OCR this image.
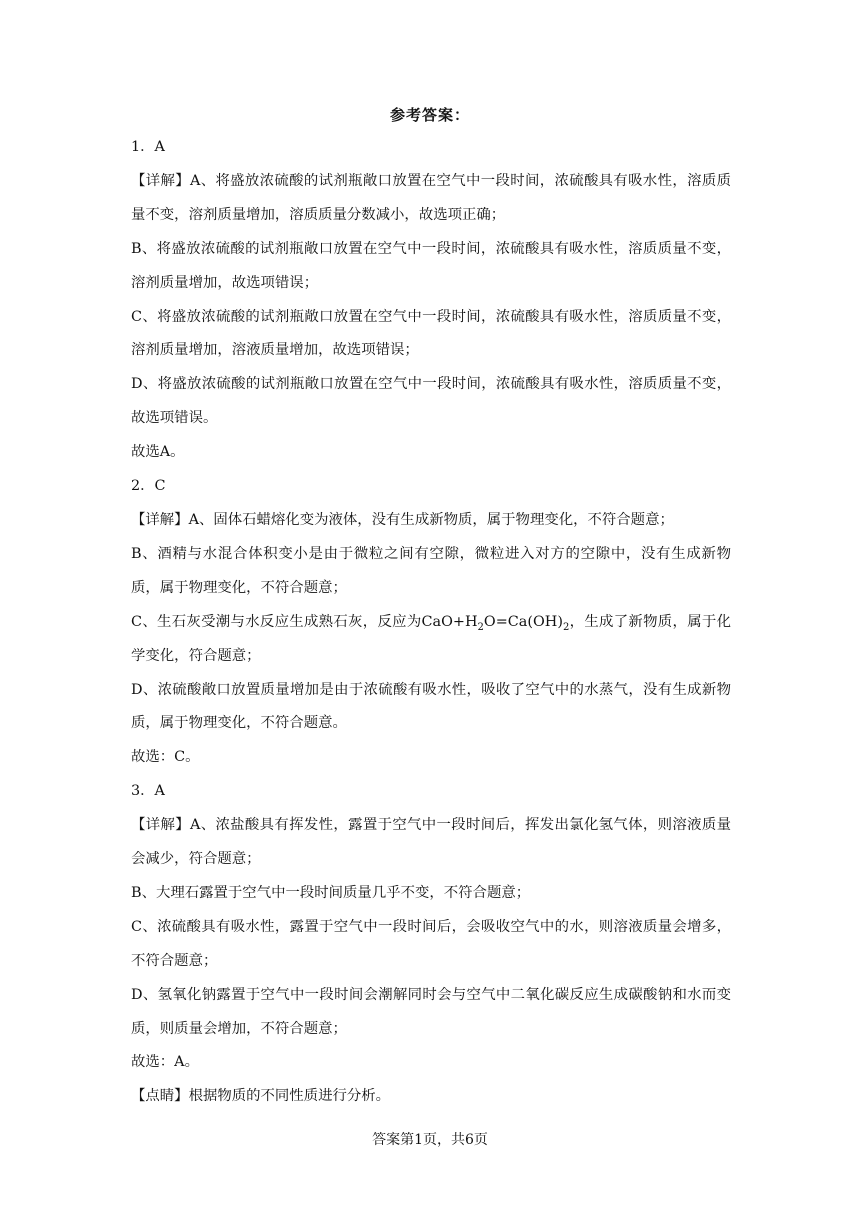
参考答案：
1．A
【详解】A、将盛放浓硫酸的试剂瓶敞口放置在空气中一段时间，浓硫酸具有吸水性，溶质质量不变，溶剂质量增加，溶质质量分数减小，故选项正确；
B、将盛放浓硫酸的试剂瓶敞口放置在空气中一段时间，浓硫酸具有吸水性，溶质质量不变，溶剂质量增加，故选项错误；
C、将盛放浓硫酸的试剂瓶敞口放置在空气中一段时间，浓硫酸具有吸水性，溶质质量不变，溶剂质量增加，溶液质量增加，故选项错误；
D、将盛放浓硫酸的试剂瓶敞口放置在空气中一段时间，浓硫酸具有吸水性，溶质质量不变，故选项错误。
故选A。
2．C
【详解】A、固体石蜡熔化变为液体，没有生成新物质，属于物理变化，不符合题意；
B、酒精与水混合体积变小是由于微粒之间有空隙，微粒进入对方的空隙中，没有生成新物质，属于物理变化，不符合题意；
C、生石灰受潮与水反应生成熟石灰，反应为$CaO+H_2O=Ca(OH)_2$，生成了新物质，属于化学变化，符合题意；
D、浓硫酸敞口放置质量增加是由于浓硫酸有吸水性，吸收了空气中的水蒸气，没有生成新物质，属于物理变化，不符合题意。
故选：C。
3．A
【详解】A、浓盐酸具有挥发性，露置于空气中一段时间后，挥发出氯化氢气体，则溶液质量会减少，符合题意；
B、大理石露置于空气中一段时间质量几乎不变，不符合题意；
C、浓硫酸具有吸水性，露置于空气中一段时间后，会吸收空气中的水，则溶液质量会增多，不符合题意；
D、氢氧化钠露置于空气中一段时间会潮解同时会与空气中二氧化碳反应生成碳酸钠和水而变质，则质量会增加，不符合题意；
故选：A。
【点睛】根据物质的不同性质进行分析。
答案第1页，共6页
